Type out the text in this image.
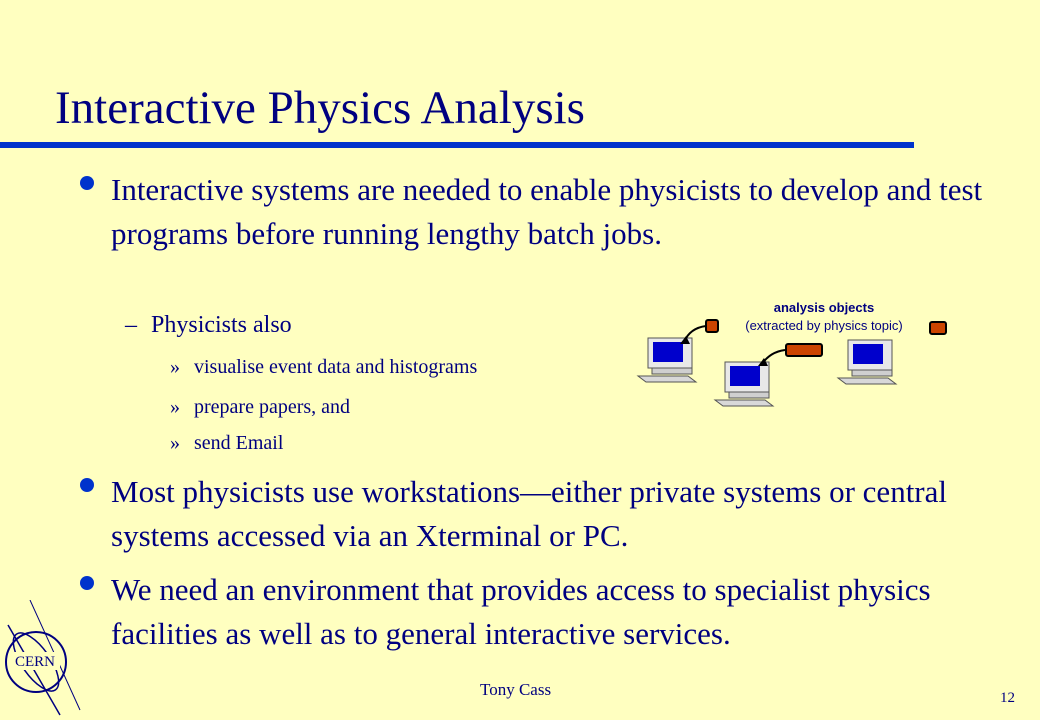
Interactive Physics Analysis
Interactive systems are needed to enable physicists to develop and test programs before running lengthy batch jobs.
– Physicists also
» visualise event data and histograms
» prepare papers, and
» send Email
analysis objects
(extracted by physics topic)
Most physicists use workstations—either private systems or central systems accessed via an Xterminal or PC.
We need an environment that provides access to specialist physics facilities as well as to general interactive services.
CERN
Tony Cass	12
